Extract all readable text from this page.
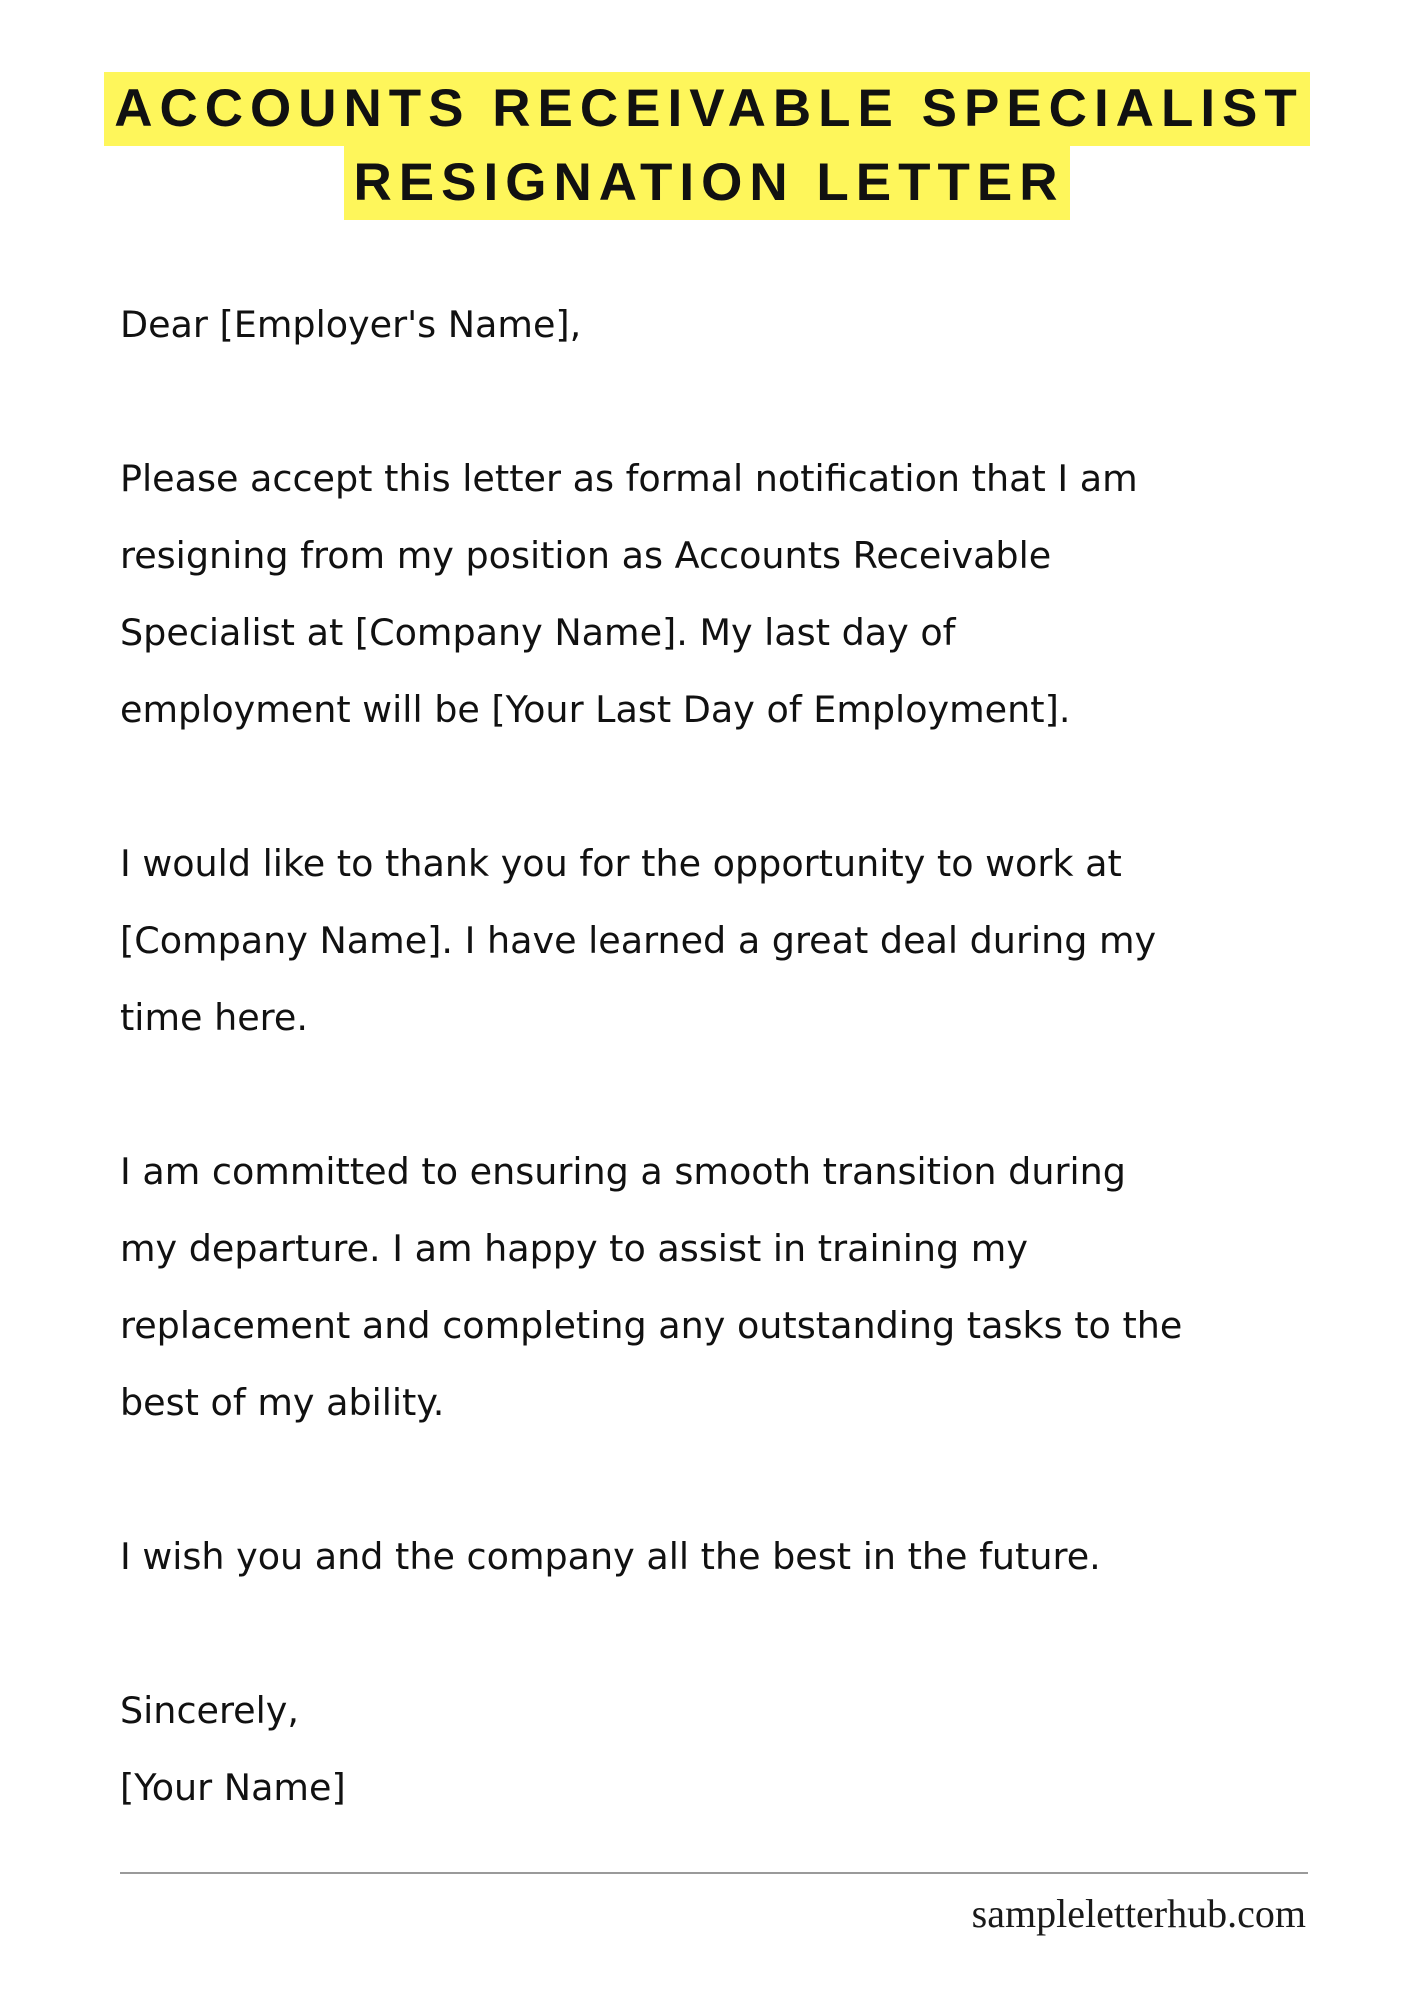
ACCOUNTS RECEIVABLE SPECIALIST
RESIGNATION LETTER

Dear [Employer's Name],

Please accept this letter as formal notification that I am

resigning from my position as Accounts Receivable

Specialist at [Company Name]. My last day of

employment will be [Your Last Day of Employment].

I would like to thank you for the opportunity to work at

[Company Name]. I have learned a great deal during my

time here.

I am committed to ensuring a smooth transition during

my departure. I am happy to assist in training my

replacement and completing any outstanding tasks to the

best of my ability.

I wish you and the company all the best in the future.

Sincerely,

[Your Name]

sampleletterhub.com
